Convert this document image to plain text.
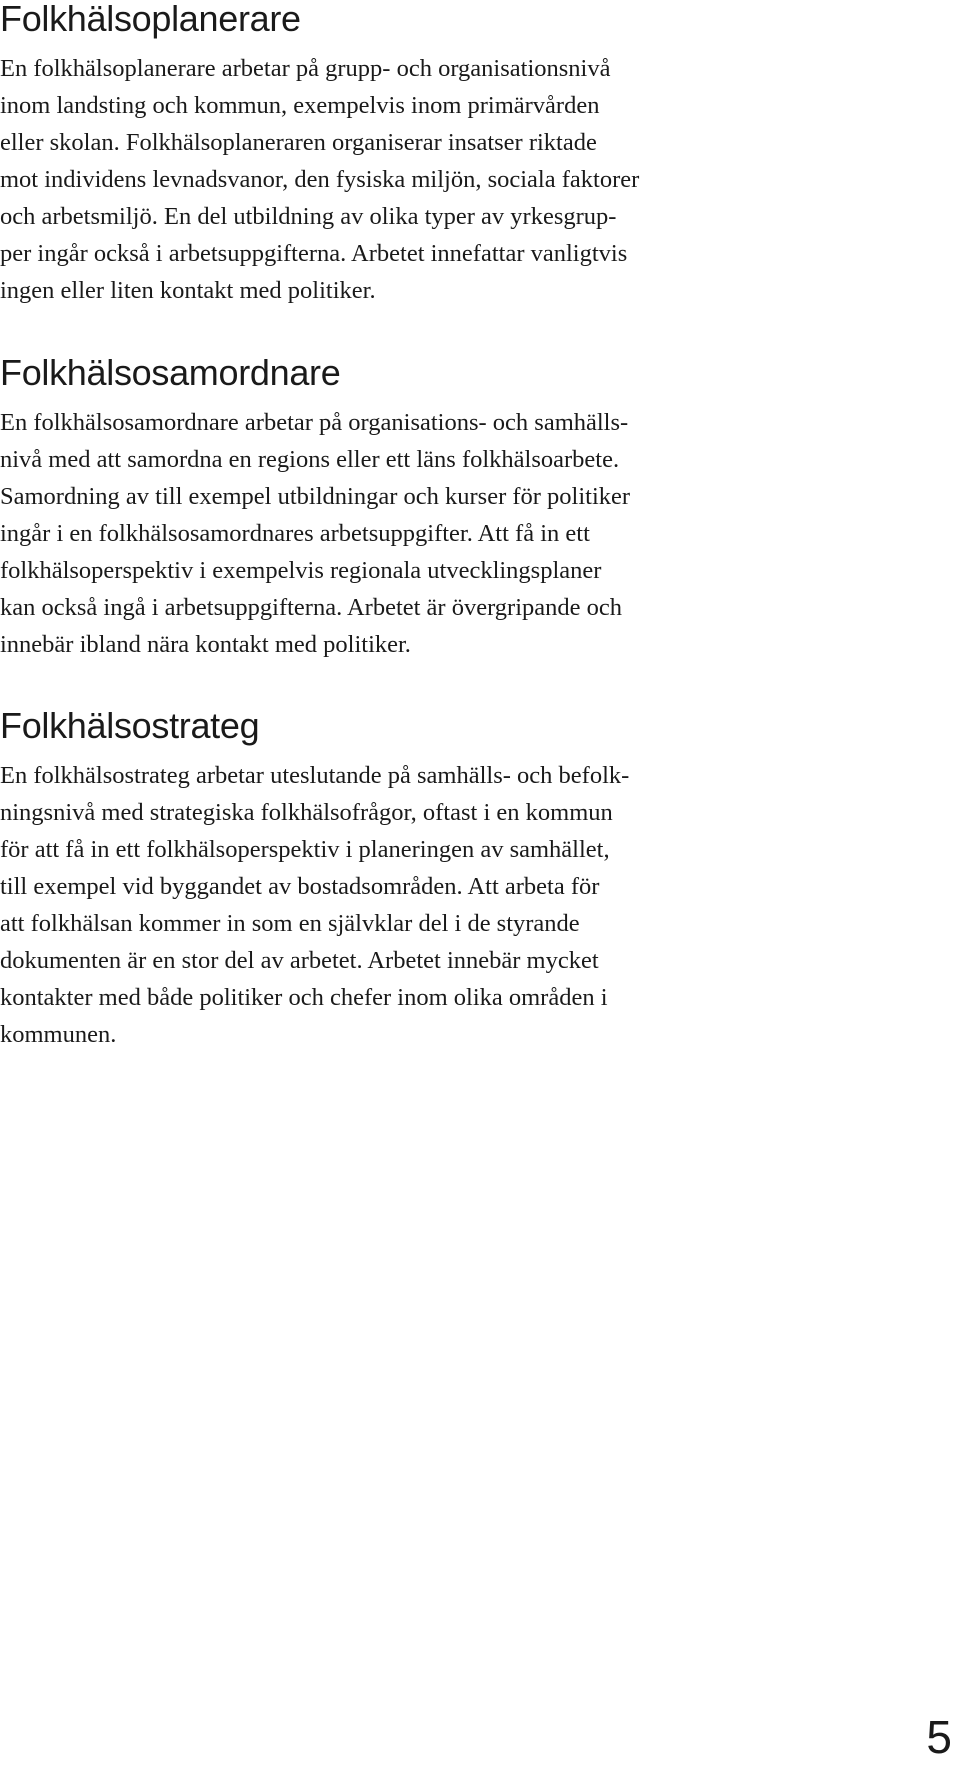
Folkhälsoplanerare
En folkhälsoplanerare arbetar på grupp- och organisationsnivå
inom landsting och kommun, exempelvis inom primärvården
eller skolan. Folkhälsoplaneraren organiserar insatser riktade
mot individens levnadsvanor, den fysiska miljön, sociala faktorer
och arbetsmiljö. En del utbildning av olika typer av yrkesgrup-
per ingår också i arbetsuppgifterna. Arbetet innefattar vanligtvis
ingen eller liten kontakt med politiker.
Folkhälsosamordnare
En folkhälsosamordnare arbetar på organisations- och samhälls-
nivå med att samordna en regions eller ett läns folkhälsoarbete.
Samordning av till exempel utbildningar och kurser för politiker
ingår i en folkhälsosamordnares arbetsuppgifter. Att få in ett
folkhälsoperspektiv i exempelvis regionala utvecklingsplaner
kan också ingå i arbetsuppgifterna. Arbetet är övergripande och
innebär ibland nära kontakt med politiker.
Folkhälsostrateg
En folkhälsostrateg arbetar uteslutande på samhälls- och befolk-
ningsnivå med strategiska folkhälsofrågor, oftast i en kommun
för att få in ett folkhälsoperspektiv i planeringen av samhället,
till exempel vid byggandet av bostadsområden. Att arbeta för
att folkhälsan kommer in som en självklar del i de styrande
dokumenten är en stor del av arbetet. Arbetet innebär mycket
kontakter med både politiker och chefer inom olika områden i
kommunen.
5
